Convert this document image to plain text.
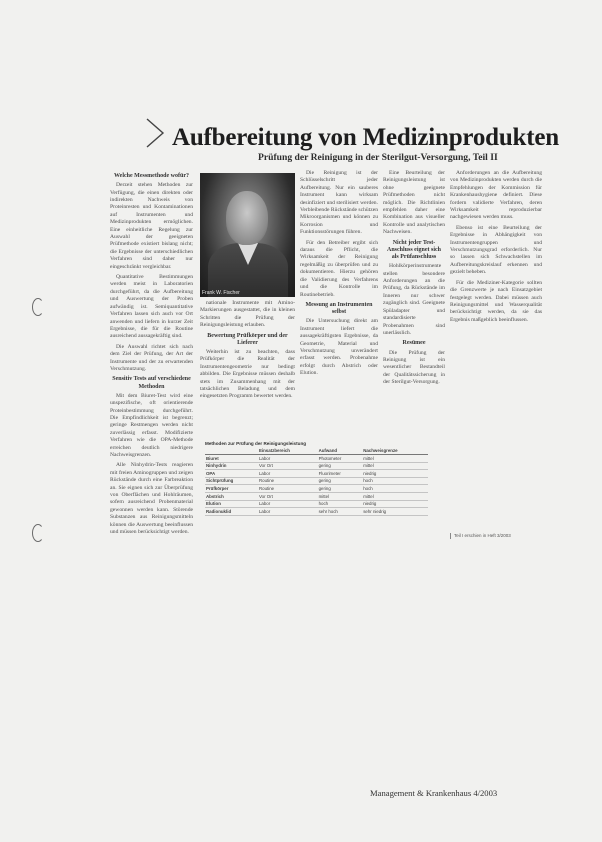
Aufbereitung von Medizinprodukten
Prüfung der Reinigung in der Sterilgut-Versorgung, Teil II
Welche Messmethode wofür?

Derzeit stehen Methoden zur Verfügung, die einen direkten oder indirekten Nachweis von Proteinresten und Kontaminationen auf Instrumenten und Medizinprodukten ermöglichen. Eine einheitliche Regelung zur Auswahl der geeigneten Prüfmethode existiert bislang nicht; die Ergebnisse der unterschiedlichen Verfahren sind daher nur eingeschränkt vergleichbar.

Quantitative Bestimmungen werden meist in Laboratorien durchgeführt, da die Aufbereitung und Auswertung der Proben aufwändig ist. Semiquantitative Verfahren lassen sich auch vor Ort anwenden und liefern in kurzer Zeit Ergebnisse, die für die Routine ausreichend aussagekräftig sind.

Die Auswahl richtet sich nach dem Ziel der Prüfung, der Art der Instrumente und der zu erwartenden Verschmutzung.

Sensitiv Tests auf verschiedene Methoden

Mit dem Biuret-Test wird eine unspezifische, oft orientierende Proteinbestimmung durchgeführt. Die Empfindlichkeit ist begrenzt; geringe Restmengen werden nicht zuverlässig erfasst. Modifizierte Verfahren wie die OPA-Methode erreichen deutlich niedrigere Nachweisgrenzen.

Alle Ninhydrin-Tests reagieren mit freien Aminogruppen und zeigen Rückstände durch eine Farbreaktion an. Sie eignen sich zur Überprüfung von Oberflächen und Hohlräumen, sofern ausreichend Probenmaterial gewonnen werden kann. Störende Substanzen aus Reinigungsmitteln können die Auswertung beeinflussen und müssen berücksichtigt werden.

Frank W. Fischer

nationale Instrumente mit Amino-Markierungen ausgestattet, die in kleinen Schritten die Prüfung der Reinigungsleistung erlauben.

Bewertung Prüfkörper und der Lieferer

Weiterhin ist zu beachten, dass Prüfkörper die Realität der Instrumentengeometrie nur bedingt abbilden. Die Ergebnisse müssen deshalb stets im Zusammenhang mit der tatsächlichen Beladung und dem eingesetzten Programm bewertet werden.

Die Reinigung ist der Schlüsselschritt jeder Aufbereitung. Nur ein sauberes Instrument kann wirksam desinfiziert und sterilisiert werden. Verbleibende Rückstände schützen Mikroorganismen und können zu Korrosion und Funktionsstörungen führen.

Für den Betreiber ergibt sich daraus die Pflicht, die Wirksamkeit der Reinigung regelmäßig zu überprüfen und zu dokumentieren. Hierzu gehören die Validierung des Verfahrens und die Kontrolle im Routinebetrieb.

Messung an Instrumenten selbst

Die Untersuchung direkt am Instrument liefert die aussagekräftigsten Ergebnisse, da Geometrie, Material und Verschmutzung unverändert erfasst werden. Probenahme erfolgt durch Abstrich oder Elution.

Eine Beurteilung der Reinigungsleistung ist ohne geeignete Prüfmethoden nicht möglich. Die Richtlinien empfehlen daher eine Kombination aus visueller Kontrolle und analytischen Nachweisen.

Nicht jeder Test-Anschluss eignet sich als Prüfanschluss

Hohlkörperinstrumente stellen besondere Anforderungen an die Prüfung, da Rückstände im Inneren nur schwer zugänglich sind. Geeignete Spüladapter und standardisierte Probenahmen sind unerlässlich.

Resümee

Die Prüfung der Reinigung ist ein wesentlicher Bestandteil der Qualitätssicherung in der Sterilgut-Versorgung.

Anforderungen an die Aufbereitung von Medizinprodukten werden durch die Empfehlungen der Kommission für Krankenhaushygiene definiert. Diese fordern validierte Verfahren, deren Wirksamkeit reproduzierbar nachgewiesen werden muss.

Ebenso ist eine Beurteilung der Ergebnisse in Abhängigkeit von Instrumentengruppen und Verschmutzungsgrad erforderlich. Nur so lassen sich Schwachstellen im Aufbereitungskreislauf erkennen und gezielt beheben.

Für die Mediziner-Kategorie sollten die Grenzwerte je nach Einsatzgebiet festgelegt werden. Dabei müssen auch Reinigungsmittel und Wasserqualität berücksichtigt werden, da sie das Ergebnis maßgeblich beeinflussen.

Methoden zur Prüfung der Reinigungsleistung
	Einsatzbereich	Aufwand	Nachweisgrenze
Biuret	Labor	Photometer	mittel
Ninhydrin	Vor Ort	gering	mittel
OPA	Labor	Fluorimeter	niedrig
Sichtprüfung	Routine	gering	hoch
Prüfkörper	Routine	gering	hoch
Abstrich	Vor Ort	mittel	mittel
Elution	Labor	hoch	niedrig
Radionuklid	Labor	sehr hoch	sehr niedrig
Teil I erschien in Heft 3/2003
Management & Krankenhaus 4/2003
